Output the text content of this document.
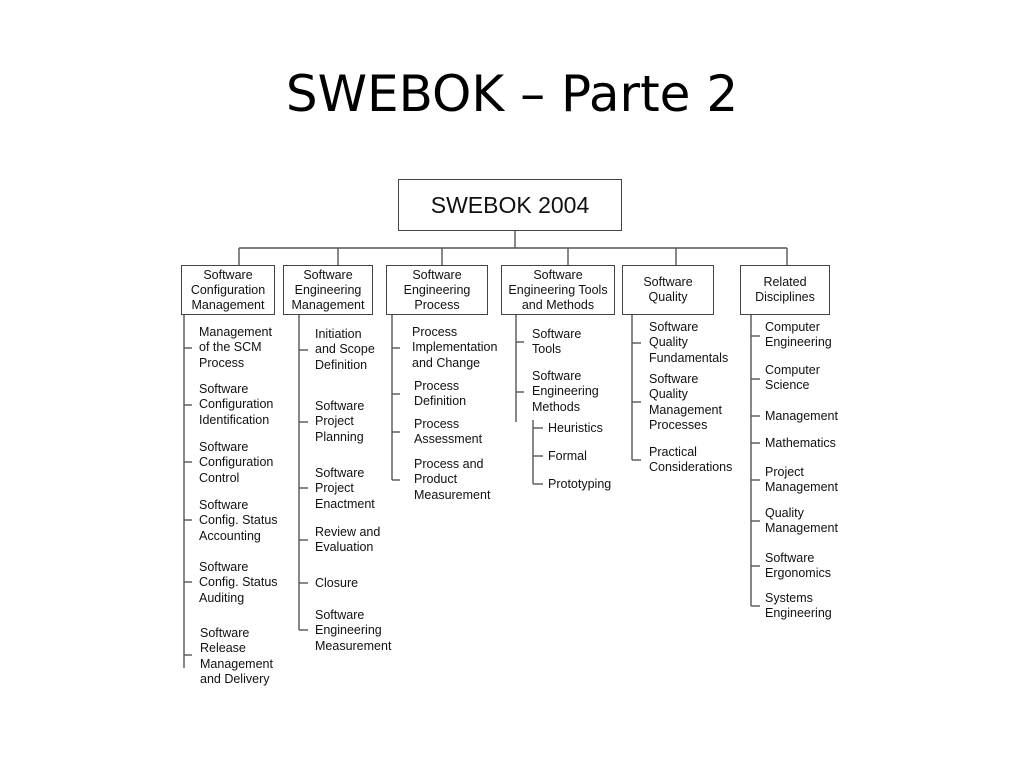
SWEBOK – Parte 2
SWEBOK 2004
Software
Configuration
Management
Software
Engineering
Management
Software
Engineering
Process
Software
Engineering Tools
and Methods
Software
Quality
Related
Disciplines
Management
of the SCM
Process
Software
Configuration
Identification
Software
Configuration
Control
Software
Config. Status
Accounting
Software
Config. Status
Auditing
Software
Release
Management
and Delivery
Initiation
and Scope
Definition
Software
Project
Planning
Software
Project
Enactment
Review and
Evaluation
Closure
Software
Engineering
Measurement
Process
Implementation
and Change
Process
Definition
Process
Assessment
Process and
Product
Measurement
Software
Tools
Software
Engineering
Methods
Heuristics
Formal
Prototyping
Software
Quality
Fundamentals
Software
Quality
Management
Processes
Practical
Considerations
Computer
Engineering
Computer
Science
Management
Mathematics
Project
Management
Quality
Management
Software
Ergonomics
Systems
Engineering
